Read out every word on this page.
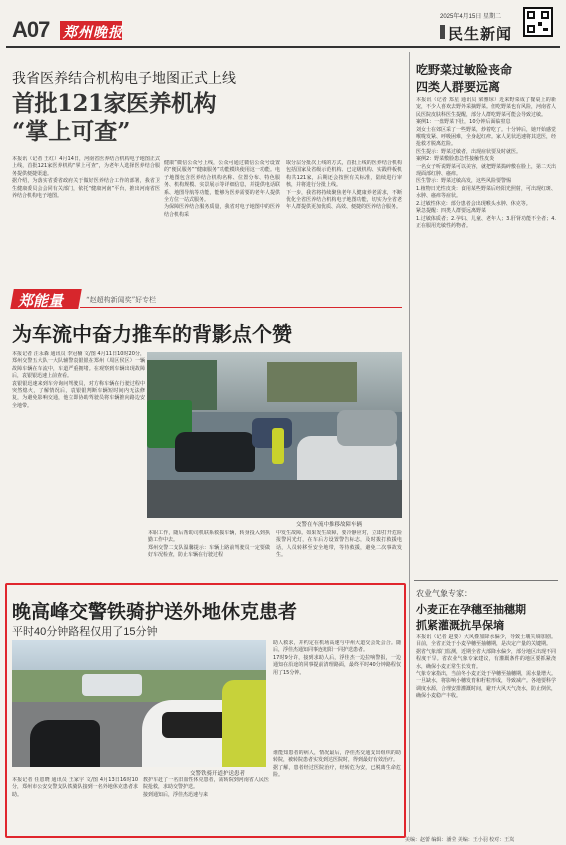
A07 郑州晚报
2025年4月15日 星期二
民生新闻
我省医养结合机构电子地图正式上线
首批121家医养机构
“掌上可查”
本报讯（记者 王红）4月14日，河南省医养结合机构电子地图正式上线，首批121家医养机构“掌上可查”，为老年人选择医养结合服务提供便捷渠道。
据介绍，为落实省委省政府关于做好医养结合工作的部署，我省卫生健康委员会会同有关部门，依托“健康河南”平台，推出河南省医养结合机构电子地图。
健康”微信公众号上线，公众可通过微信公众号设置的“便民服务”“健康服务”功能模块使用这一功能。电子地图包含医养结合机构名称、位置分布、特色服务、机构规模、实景展示等详细信息，并提供电话联系、地图导航等功能，能够为医养需要的老年人提供全方位一站式服务。
为保障医养结合服务质量，我省对电子地图中的医养结合机构采
取分层分批次上线的方式，首批上线的医养结合机构包括国家及省级示范机构、已定级机构、实践样板机构共121家，后期还会按照有关标准，陆续进行审核，并将进行分批上线。
下一步，我省将持续聚焦老年人健康养老需求，不断优化全省医养结合机构电子地图功能，切实为全省老年人群提供更加优质、高效、便捷的医养结合服务。
郑能量	“赵超构新闻奖”好专栏
为车流中奋力推车的背影点个赞
本报记者 汪永森 通讯员 李冠楠 文/图 4月11日10时20分，郑州交警五大队一大队辅警袁银银在郑州（周区侯区）一辆故障车辆在车流中，车道严重拥堵。在观察到车辆出现故障后，袁银银迅速上前查看。
袁银银迅速来到车旁询问驾驶员，对方称车辆在行驶过程中突然熄火，了解情况后，袁银银判断车辆短时间内无法修复，为避免影响交通，他立即协助驾驶员将车辆推向路边安全地带。
交警在车流中推移故障车辆
本职工作，随后帮助司机联系救援车辆，转身投入到执勤工作中去。
郑州交警二支队温馨提示：车辆上路前驾驶员一定要做好车况检查，防止车辆在行驶过程
中发生故障。如果发生故障，要冷静应对，立即打开危险报警闪光灯，在车后方设置警告标志，及时拨打救援电话，人员转移至安全地带，等待救援，避免二次事故发生。
晚高峰交警铁骑护送外地休克患者
平时40分钟路程仅用了15分钟
交警铁骑开道护送患者
本报记者 任恩晓 通讯员 王家宇 文/图 4月13日16时10分，郑州市公安交警支队铁骑队接到一名外地休克患者求助。
教护车赶了一名旧血性休克患者，需转院到河南省人民医院抢救，求助交警护送。
接到通知后，浮佳杰迅速与来
助人救求，并约定在机场高速与中州大道交会处会合。随后，浮佳杰通知同事连旭阳一同护送患者。
17时9分许，接到求助人后，浮佳杰一边拉响警报，一边通知在沿途的同事提前清理路面，最终平时40分钟路程仅用了15分钟。
谁能知患者的病人，情况最后，浮佳杰交通支出组织的助转院，被转院患者实发到达医院时，得到最好有效治疗。
据了解，患者经过医院治疗，经转危为安，已脱离生命危险。
吃野菜过敏险丧命
四类人群要远离
本报讯（记者 郑星 通讯员 梁雅琼）近来野菜成了餐桌上的新宠，不少人喜欢去野外采摘野菜。但吃野菜也有风险，河南省人民医院皮肤科医生提醒，部分人群吃野菜可能会导致过敏。
案例1：一盘野菜下肚，10分钟后面临窒息
刘女士在郊区采了一些野菜，炒着吃了。十分钟后，她开始感觉喉咙发紧、呼吸困难，全身起红疹。家人见状迅速将其送医，经抢救才脱离危险。
医生提示：野菜过敏者，出现症状要及时就医。
案例2：野菜敷脸患急性接触性皮炎
一名女子听说野菜可以美容，就把野菜捣碎敷在脸上，第二天出现面部红肿、瘙痒。
医生警示：野菜过敏高发，这些风险要警惕
1.植物日光性皮炎：食用某些野菜后经阳光照射，可出现红斑、水肿、瘙痒等症状。
2.过敏性休克：部分患者会出现喉头水肿、休克等。
紧急提醒：四类人群要远离野菜
1.过敏体质者；2.孕妇、儿童、老年人；3.肝肾功能不全者；4.正在服用光敏性药物者。
农业气象专家：
小麦正在孕穗至抽穗期
抓紧灌溉抗旱保墒
本报讯（记者 赵要）大风叠加降水偏少，导致土壤失墒加剧。目前，全省正处于小麦孕穗至抽穗期，是决定产量的关键期。
据省气象部门监测，近期全省大部降水偏少，部分地区出现不同程度干旱。省农业气象专家建议，有灌溉条件的地区要抓紧浇水，确保小麦正常生长发育。
气象专家指出，当前冬小麦正处于孕穗至抽穗期，需水量增大。一旦缺水，将影响小穗发育和籽粒形成，导致减产。各地要科学调度水源，合理安排灌溉时间，避开大风天气浇水，防止倒伏，确保小麦稳产丰收。
美编：赵蕾 编辑：潘莹 美编：王小羽 校对：王岚
